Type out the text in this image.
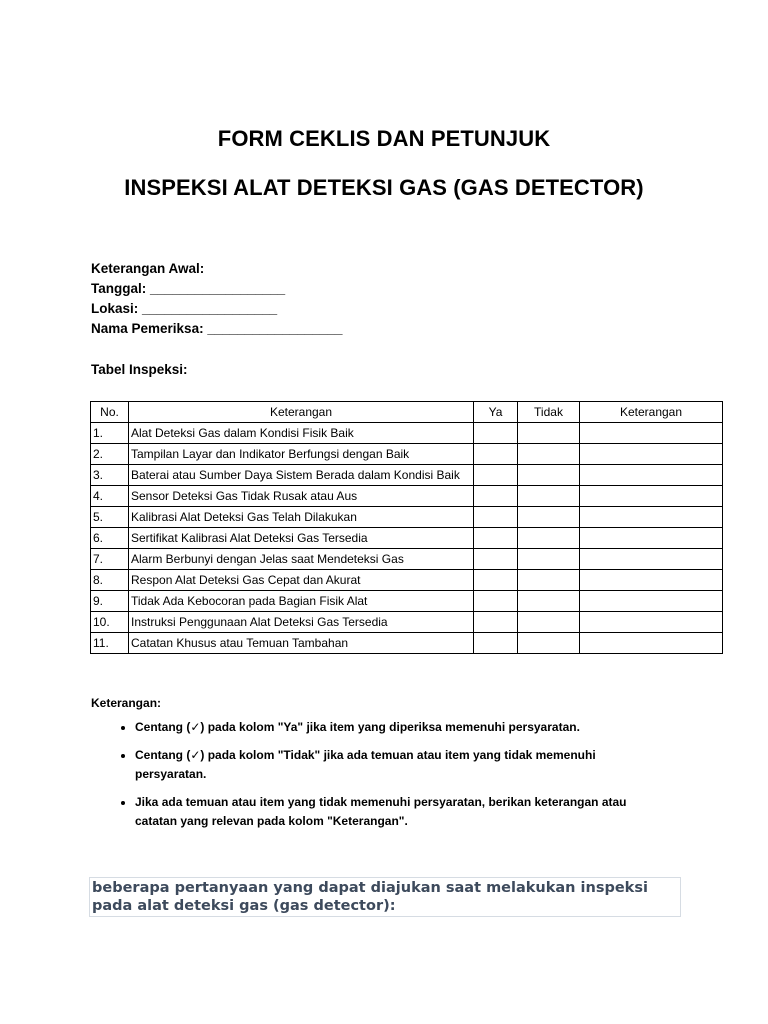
FORM CEKLIS DAN PETUNJUK
INSPEKSI ALAT DETEKSI GAS (GAS DETECTOR)
Keterangan Awal:
Tanggal: __________________
Lokasi: __________________
Nama Pemeriksa: __________________
Tabel Inspeksi:
No.	Keterangan	Ya	Tidak	Keterangan
1.	Alat Deteksi Gas dalam Kondisi Fisik Baik			
2.	Tampilan Layar dan Indikator Berfungsi dengan Baik			
3.	Baterai atau Sumber Daya Sistem Berada dalam Kondisi Baik			
4.	Sensor Deteksi Gas Tidak Rusak atau Aus			
5.	Kalibrasi Alat Deteksi Gas Telah Dilakukan			
6.	Sertifikat Kalibrasi Alat Deteksi Gas Tersedia			
7.	Alarm Berbunyi dengan Jelas saat Mendeteksi Gas			
8.	Respon Alat Deteksi Gas Cepat dan Akurat			
9.	Tidak Ada Kebocoran pada Bagian Fisik Alat			
10.	Instruksi Penggunaan Alat Deteksi Gas Tersedia			
11.	Catatan Khusus atau Temuan Tambahan			
Keterangan:
• Centang (✓) pada kolom "Ya" jika item yang diperiksa memenuhi persyaratan.
• Centang (✓) pada kolom "Tidak" jika ada temuan atau item yang tidak memenuhi persyaratan.
• Jika ada temuan atau item yang tidak memenuhi persyaratan, berikan keterangan atau catatan yang relevan pada kolom "Keterangan".
beberapa pertanyaan yang dapat diajukan saat melakukan inspeksi pada alat deteksi gas (gas detector):
